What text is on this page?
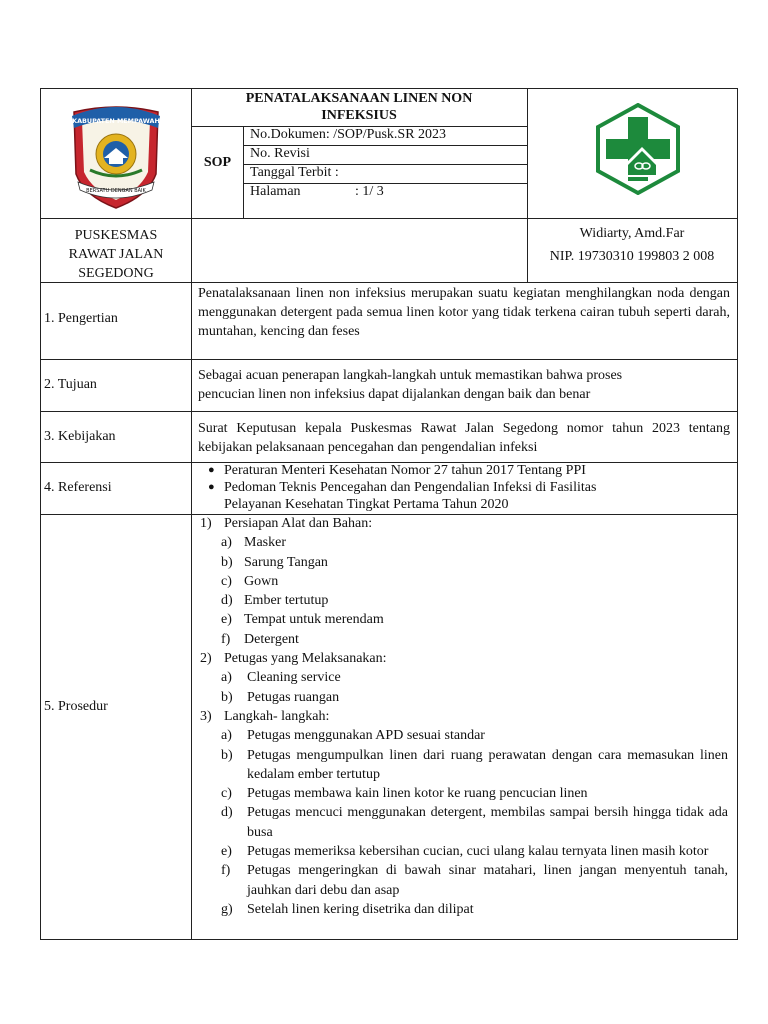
KABUPATEN MEMPAWAH
BERSATU DENGAN BAIK
PENATALAKSANAAN LINEN NON INFEKSIUS
SOP
No.Dokumen: /SOP/Pusk.SR 2023
No. Revisi
Tanggal Terbit :
Halaman	: 1/ 3
PUSKESMAS
RAWAT JALAN
SEGEDONG
Widiarty, Amd.Far
NIP. 19730310 199803 2 008
1. Pengertian
Penatalaksanaan linen non infeksius merupakan suatu kegiatan menghilangkan noda dengan menggunakan detergent pada semua linen kotor yang tidak terkena cairan tubuh seperti darah, muntahan, kencing dan feses
2. Tujuan
Sebagai acuan penerapan langkah-langkah untuk memastikan bahwa proses
pencucian linen non infeksius dapat dijalankan dengan baik dan benar
3. Kebijakan
Surat Keputusan kepala Puskesmas Rawat Jalan Segedong nomor tahun 2023 tentang kebijakan pelaksanaan pencegahan dan pengendalian infeksi
4. Referensi
● Peraturan Menteri Kesehatan Nomor 27 tahun 2017 Tentang PPI
● Pedoman Teknis Pencegahan dan Pengendalian Infeksi di Fasilitas Pelayanan Kesehatan Tingkat Pertama Tahun 2020
5. Prosedur
1) Persiapan Alat dan Bahan:
a) Masker
b) Sarung Tangan
c) Gown
d) Ember tertutup
e) Tempat untuk merendam
f) Detergent
2) Petugas yang Melaksanakan:
a) Cleaning service
b) Petugas ruangan
3) Langkah- langkah:
a) Petugas menggunakan APD sesuai standar
b) Petugas mengumpulkan linen dari ruang perawatan dengan cara memasukan linen kedalam ember tertutup
c) Petugas membawa kain linen kotor ke ruang pencucian linen
d) Petugas mencuci menggunakan detergent, membilas sampai bersih hingga tidak ada busa
e) Petugas memeriksa kebersihan cucian, cuci ulang kalau ternyata linen masih kotor
f) Petugas mengeringkan di bawah sinar matahari, linen jangan menyentuh tanah, jauhkan dari debu dan asap
g) Setelah linen kering disetrika dan dilipat
